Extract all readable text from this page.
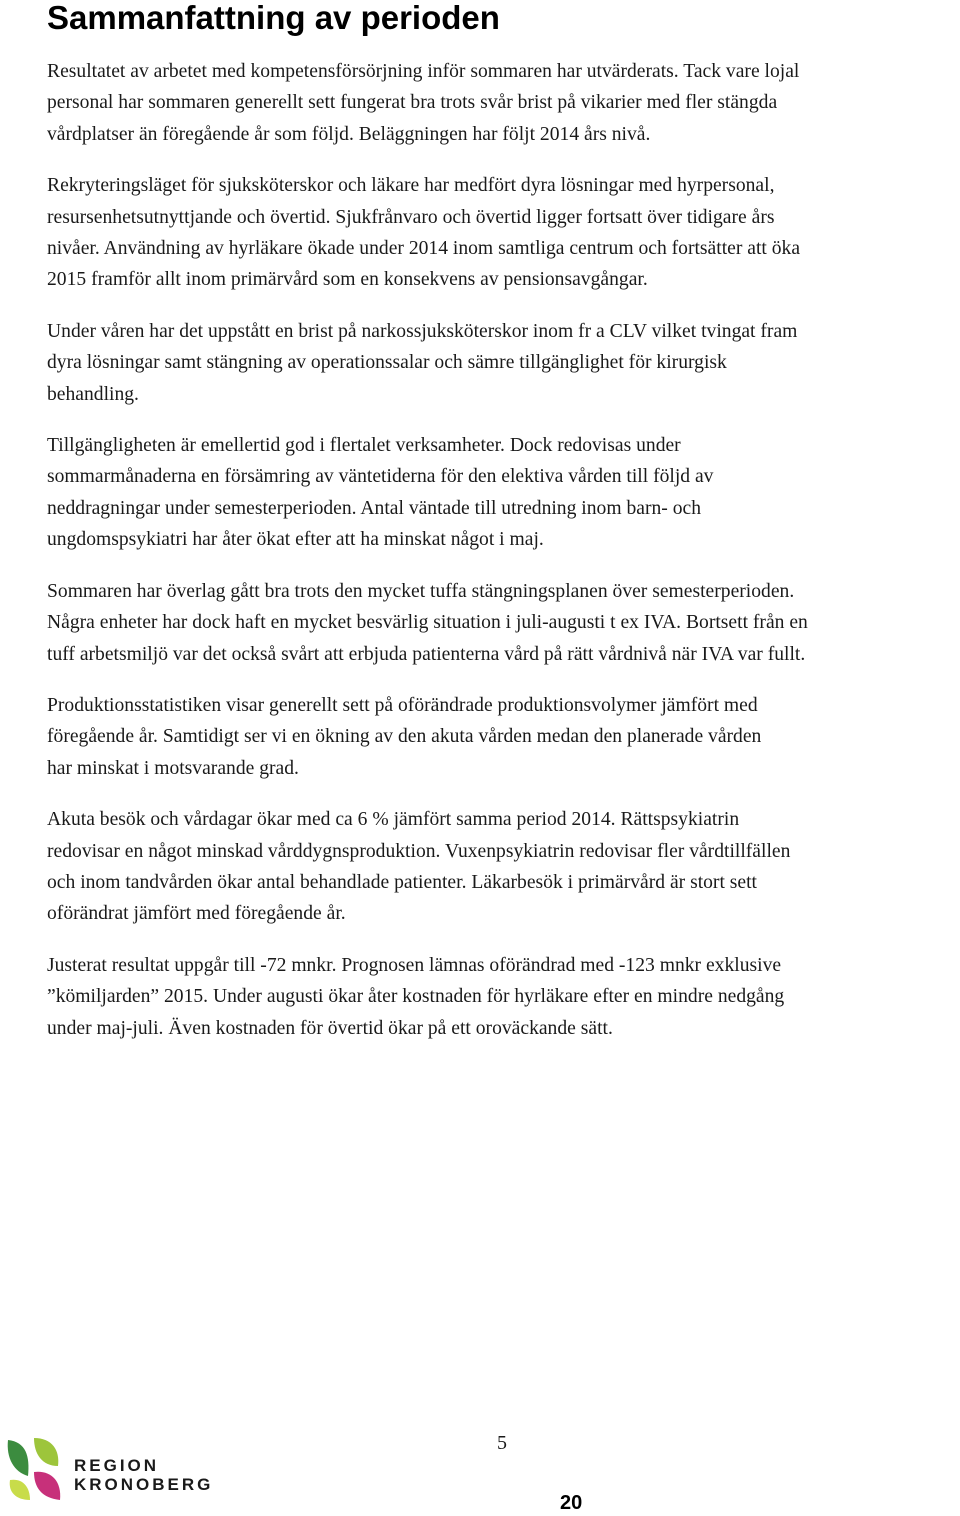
Sammanfattning av perioden

Resultatet av arbetet med kompetensförsörjning inför sommaren har utvärderats. Tack vare lojal
personal har sommaren generellt sett fungerat bra trots svår brist på vikarier med fler stängda
vårdplatser än föregående år som följd. Beläggningen har följt 2014 års nivå.

Rekryteringsläget för sjuksköterskor och läkare har medfört dyra lösningar med hyrpersonal,
resursenhetsutnyttjande och övertid. Sjukfrånvaro och övertid ligger fortsatt över tidigare års
nivåer. Användning av hyrläkare ökade under 2014 inom samtliga centrum och fortsätter att öka
2015 framför allt inom primärvård som en konsekvens av pensionsavgångar.

Under våren har det uppstått en brist på narkossjuksköterskor inom fr a CLV vilket tvingat fram
dyra lösningar samt stängning av operationssalar och sämre tillgänglighet för kirurgisk
behandling.

Tillgängligheten är emellertid god i flertalet verksamheter. Dock redovisas under
sommarmånaderna en försämring av väntetiderna för den elektiva vården till följd av
neddragningar under semesterperioden. Antal väntade till utredning inom barn- och
ungdomspsykiatri har åter ökat efter att ha minskat något i maj.

Sommaren har överlag gått bra trots den mycket tuffa stängningsplanen över semesterperioden.
Några enheter har dock haft en mycket besvärlig situation i juli-augusti t ex IVA. Bortsett från en
tuff arbetsmiljö var det också svårt att erbjuda patienterna vård på rätt vårdnivå när IVA var fullt.

Produktionsstatistiken visar generellt sett på oförändrade produktionsvolymer jämfört med
föregående år. Samtidigt ser vi en ökning av den akuta vården medan den planerade vården
har minskat i motsvarande grad.

Akuta besök och vårdagar ökar med ca 6 % jämfört samma period 2014. Rättspsykiatrin
redovisar en något minskad vårddygnsproduktion. Vuxenpsykiatrin redovisar fler vårdtillfällen
och inom tandvården ökar antal behandlade patienter. Läkarbesök i primärvård är stort sett
oförändrat jämfört med föregående år.

Justerat resultat uppgår till -72 mnkr. Prognosen lämnas oförändrad med -123 mnkr exklusive
”kömiljarden” 2015. Under augusti ökar åter kostnaden för hyrläkare efter en mindre nedgång
under maj-juli. Även kostnaden för övertid ökar på ett oroväckande sätt.

REGION
KRONOBERG
5
20
